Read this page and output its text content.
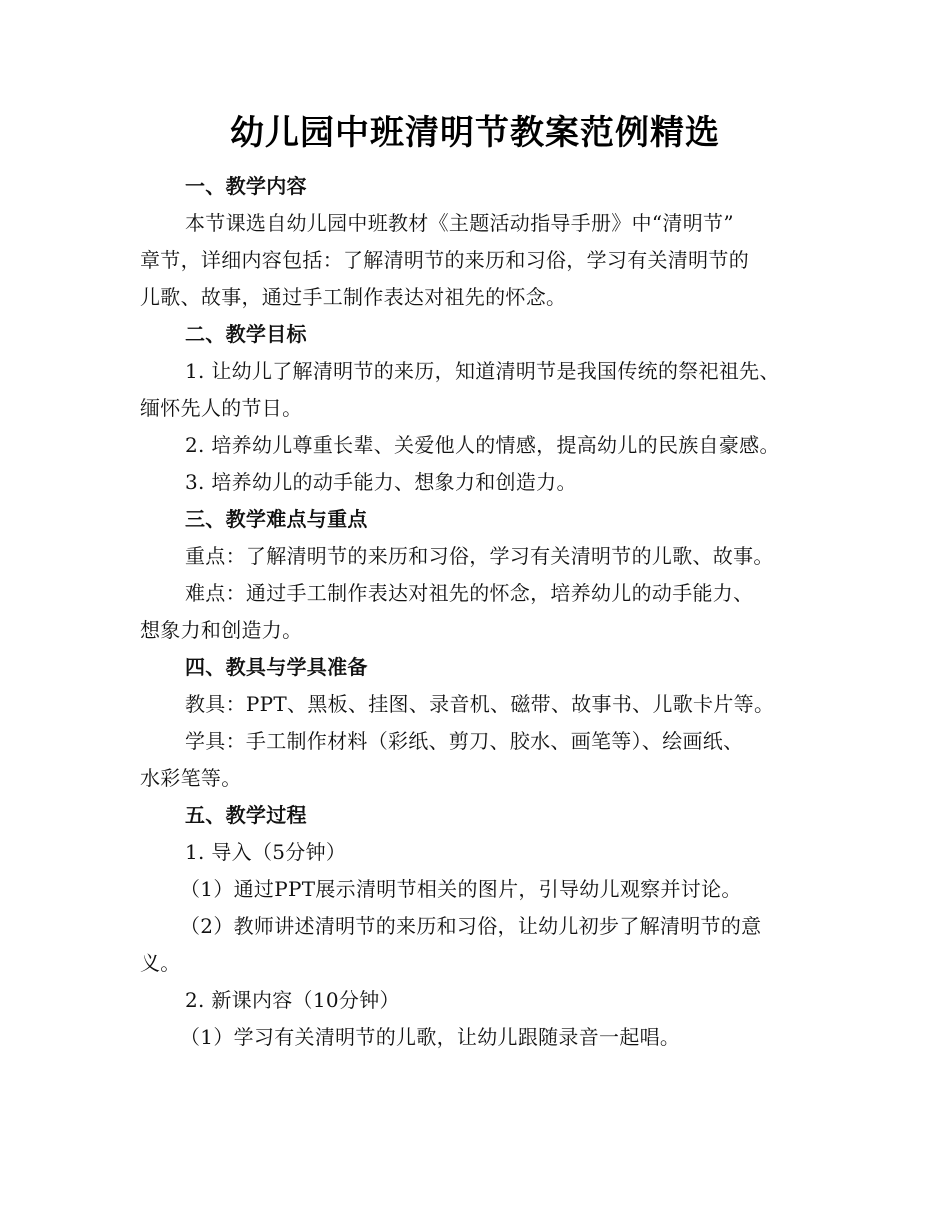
幼儿园中班清明节教案范例精选
一、教学内容
本节课选自幼儿园中班教材《主题活动指导手册》中“清明节”
章节，详细内容包括：了解清明节的来历和习俗，学习有关清明节的
儿歌、故事，通过手工制作表达对祖先的怀念。
二、教学目标
1. 让幼儿了解清明节的来历，知道清明节是我国传统的祭祀祖先、
缅怀先人的节日。
2. 培养幼儿尊重长辈、关爱他人的情感，提高幼儿的民族自豪感。
3. 培养幼儿的动手能力、想象力和创造力。
三、教学难点与重点
重点：了解清明节的来历和习俗，学习有关清明节的儿歌、故事。
难点：通过手工制作表达对祖先的怀念，培养幼儿的动手能力、
想象力和创造力。
四、教具与学具准备
教具：PPT、黑板、挂图、录音机、磁带、故事书、儿歌卡片等。
学具：手工制作材料（彩纸、剪刀、胶水、画笔等）、绘画纸、
水彩笔等。
五、教学过程
1. 导入（5分钟）
（1）通过PPT展示清明节相关的图片，引导幼儿观察并讨论。
（2）教师讲述清明节的来历和习俗，让幼儿初步了解清明节的意
义。
2. 新课内容（10分钟）
（1）学习有关清明节的儿歌，让幼儿跟随录音一起唱。
